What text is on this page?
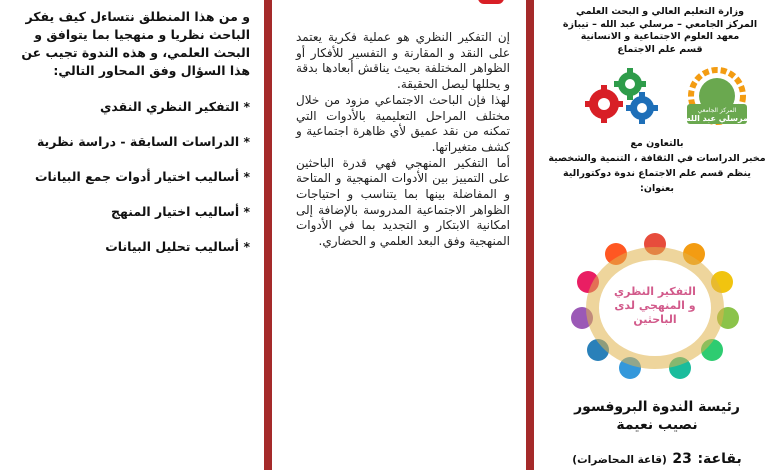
و من هذا المنطلق نتساءل كيف يفكر الباحث نظريا و منهجيا بما يتوافق و البحث العلمي، و هذه الندوة تجيب عن هذا السؤال وفق المحاور التالي:
* التفكير النظري النقدي
* الدراسات السابقة - دراسة نظرية
* أساليب اختيار أدوات جمع البيانات
* أساليب اختيار المنهج
* أساليب تحليل البيانات

إن التفكير النظري هو عملية فكرية يعتمد على النقد و المقارنة و التفسير للأفكار أو الظواهر المختلفة بحيث يناقش أبعادها بدقة و يحللها ليصل الحقيقة.

لهذا فإن الباحث الاجتماعي مزود من خلال مختلف المراحل التعليمية بالأدوات التي تمكنه من نقد عميق لأي ظاهرة اجتماعية و كشف متغيراتها.

أما التفكير المنهجي فهي قدرة الباحثين على التمييز بين الأدوات المنهجية و المتاحة و المفاضلة بينها بما يتناسب و احتياجات الظواهر الاجتماعية المدروسة بالإضافة إلى امكانية الابتكار و التجديد بما في الأدوات المنهجية وفق البعد العلمي و الحضاري.

وزارة التعليم العالي و البحث العلمي
المركز الجامعي – مرسلي عبد الله – تيبازة
معهد العلوم الاجتماعية و الانسانية
قسم علم الاجتماع
المركز الجامعي
مرسلي عبد الله
بالتعاون مع
مخبر الدراسات في الثقافة ، التنمية والشخصية
ينظم قسم علم الاجتماع ندوة دوكتورالية
بعنوان:
التفكير النظري
و المنهجي لدى
الباحثين
رئيسة الندوة البروفسور
نصيب نعيمة
بقاعة: 23 (قاعة المحاضرات)
